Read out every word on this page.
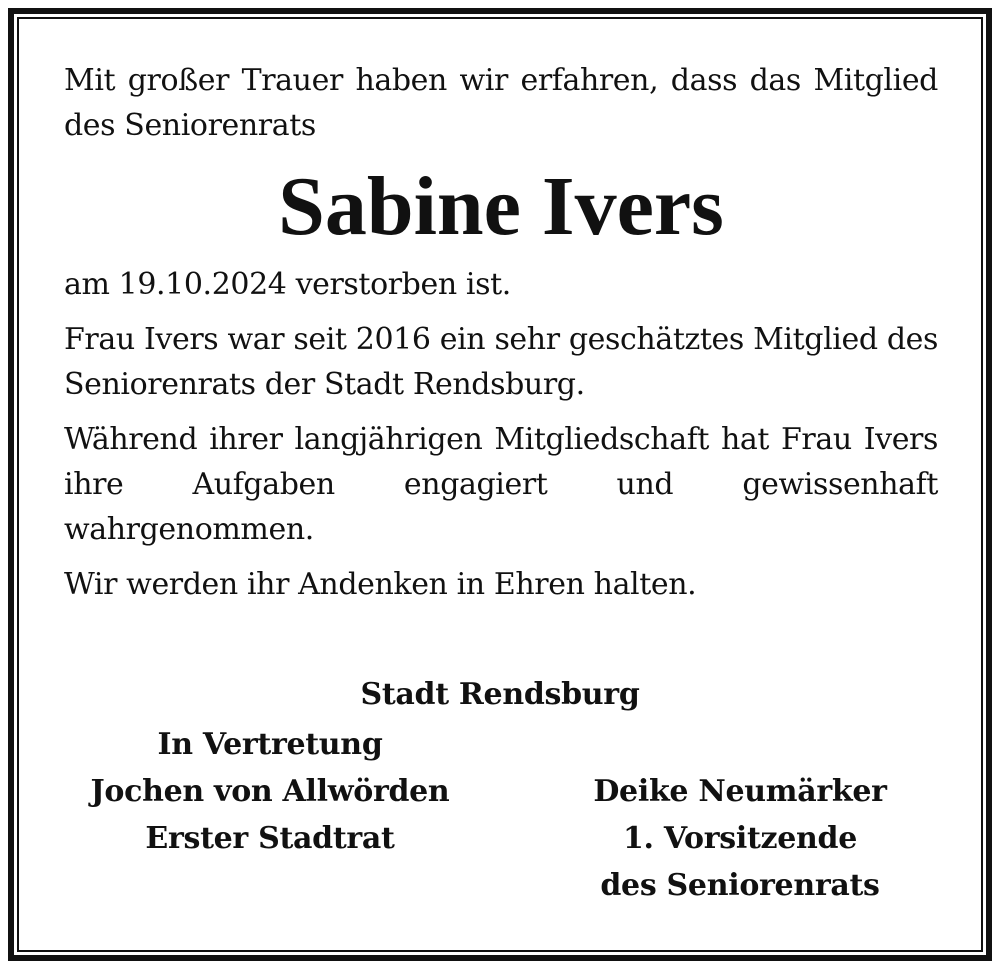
Mit großer Trauer haben wir erfahren, dass das Mitglied des Seniorenrats

Sabine Ivers

am 19.10.2024 verstorben ist.

Frau Ivers war seit 2016 ein sehr geschätztes Mitglied des Seniorenrats der Stadt Rendsburg.

Während ihrer langjährigen Mitgliedschaft hat Frau Ivers ihre Aufgaben engagiert und gewissenhaft wahrgenommen.

Wir werden ihr Andenken in Ehren halten.

Stadt Rendsburg
In Vertretung
Jochen von Allwörden
Erster Stadtrat
Deike Neumärker
1. Vorsitzende
des Seniorenrats
